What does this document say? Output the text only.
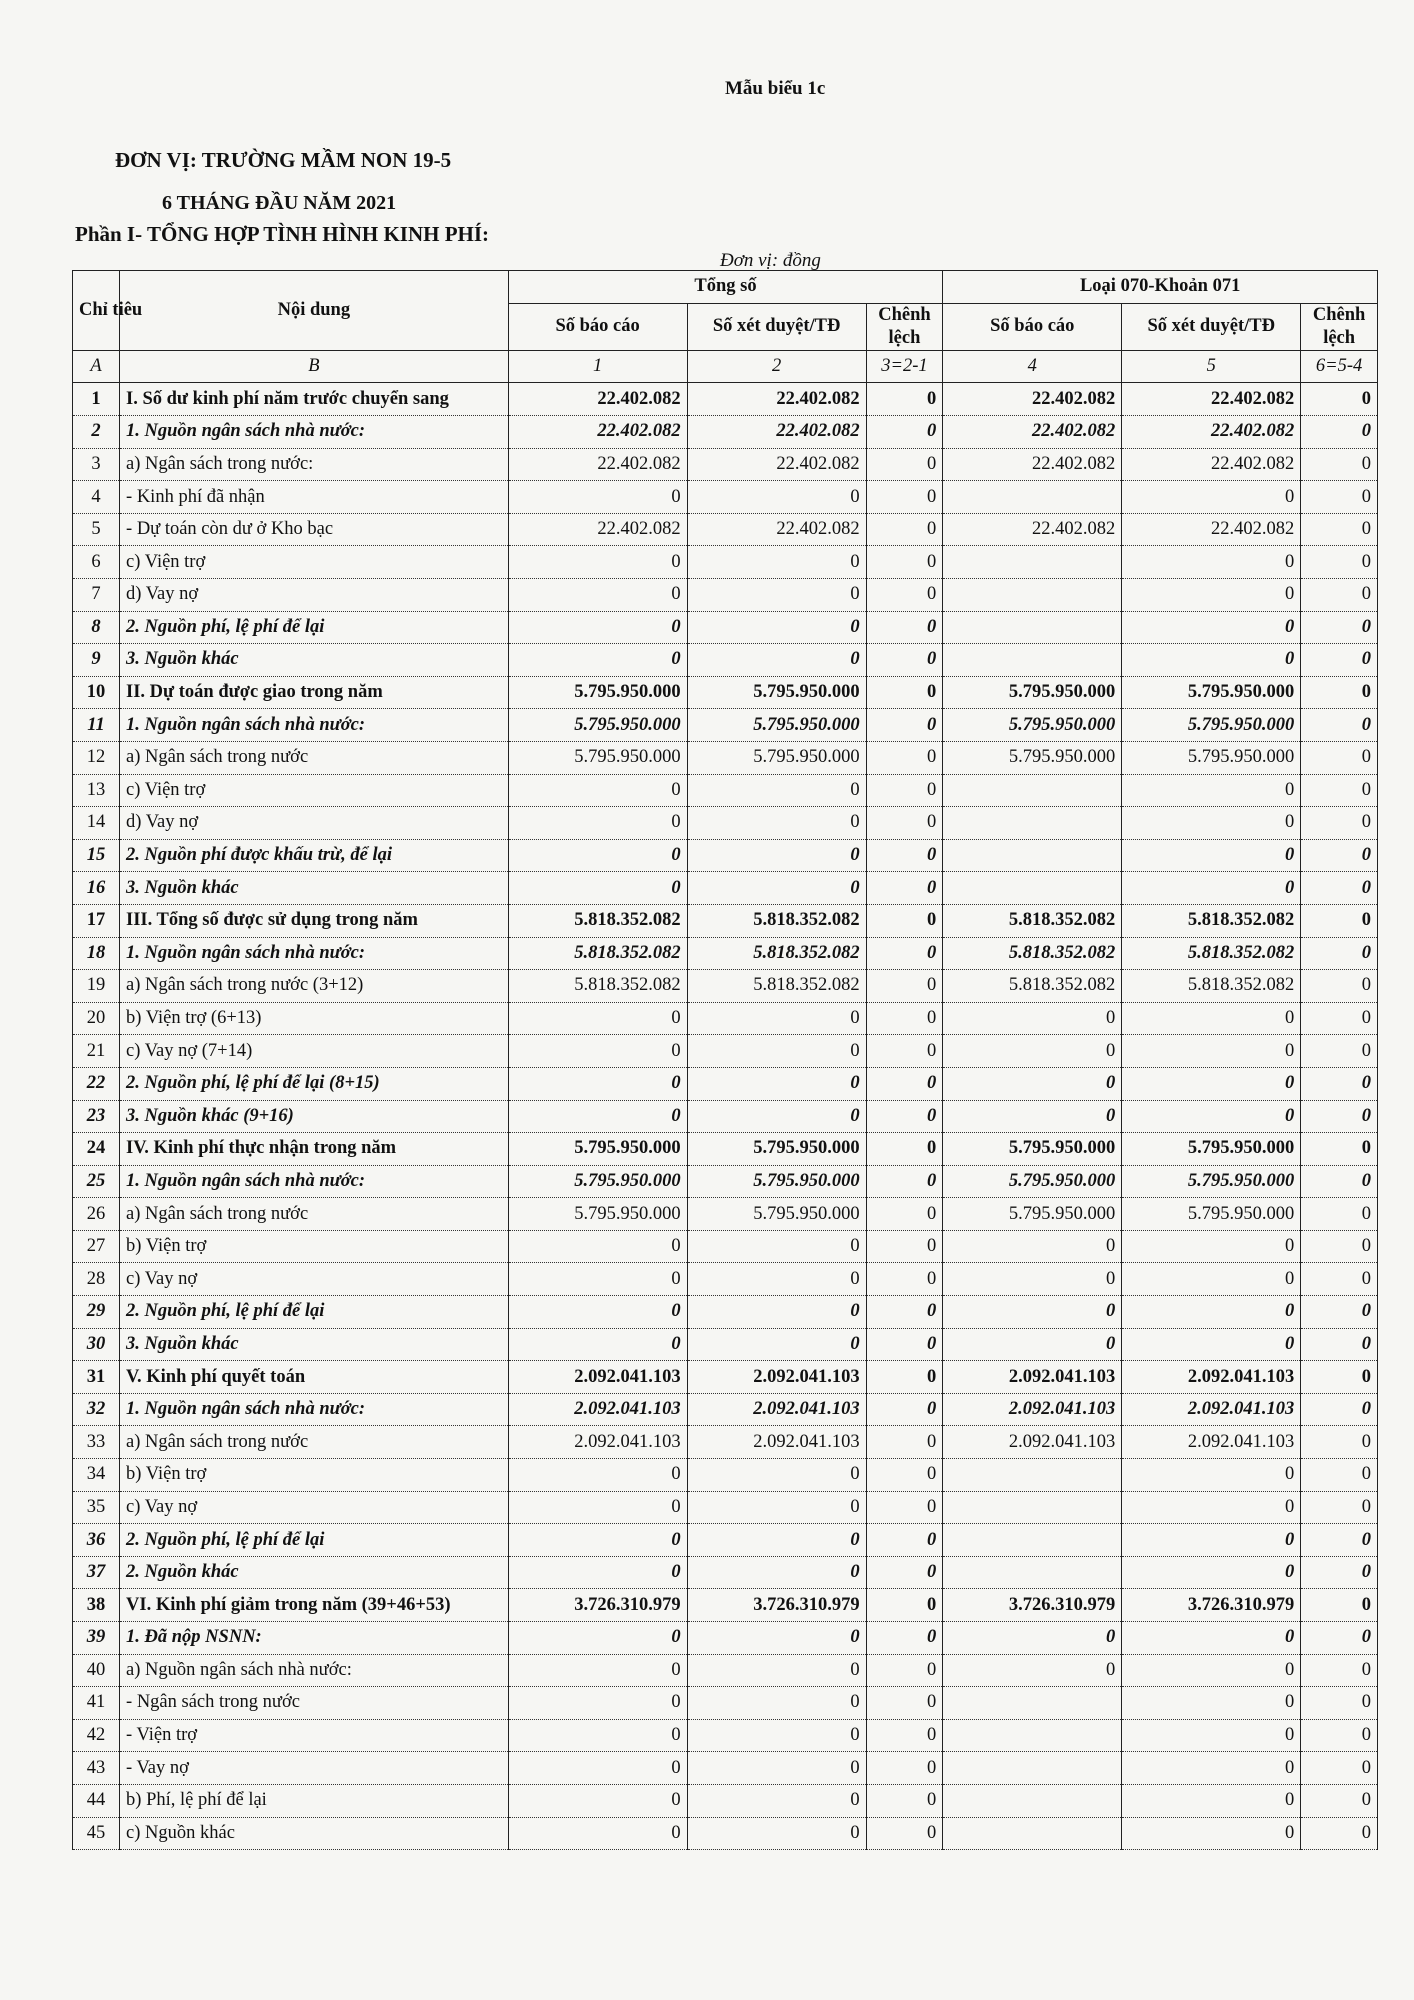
Mẫu biểu 1c
ĐƠN VỊ: TRƯỜNG MẦM NON 19-5
6 THÁNG ĐẦU NĂM 2021
Phần I- TỔNG HỢP TÌNH HÌNH KINH PHÍ:
Đơn vị: đồng
Chỉ tiêu	Nội dung	Tổng số			Loại 070-Khoản 071		
		Số báo cáo	Số xét duyệt/TĐ	Chênh lệch	Số báo cáo	Số xét duyệt/TĐ	Chênh lệch
A	B	1	2	3=2-1	4	5	6=5-4
1	I. Số dư kinh phí năm trước chuyển sang	22.402.082	22.402.082	0	22.402.082	22.402.082	0
2	1. Nguồn ngân sách nhà nước:	22.402.082	22.402.082	0	22.402.082	22.402.082	0
3	a) Ngân sách trong nước:	22.402.082	22.402.082	0	22.402.082	22.402.082	0
4	- Kinh phí đã nhận	0	0	0		0	0
5	- Dự toán còn dư ở Kho bạc	22.402.082	22.402.082	0	22.402.082	22.402.082	0
6	c) Viện trợ	0	0	0		0	0
7	d) Vay nợ	0	0	0		0	0
8	2. Nguồn phí, lệ phí để lại	0	0	0		0	0
9	3. Nguồn khác	0	0	0		0	0
10	II. Dự toán được giao trong năm	5.795.950.000	5.795.950.000	0	5.795.950.000	5.795.950.000	0
11	1. Nguồn ngân sách nhà nước:	5.795.950.000	5.795.950.000	0	5.795.950.000	5.795.950.000	0
12	a) Ngân sách trong nước	5.795.950.000	5.795.950.000	0	5.795.950.000	5.795.950.000	0
13	c) Viện trợ	0	0	0		0	0
14	d) Vay nợ	0	0	0		0	0
15	2. Nguồn phí được khấu trừ, để lại	0	0	0		0	0
16	3. Nguồn khác	0	0	0		0	0
17	III. Tổng số được sử dụng trong năm	5.818.352.082	5.818.352.082	0	5.818.352.082	5.818.352.082	0
18	1. Nguồn ngân sách nhà nước:	5.818.352.082	5.818.352.082	0	5.818.352.082	5.818.352.082	0
19	a) Ngân sách trong nước (3+12)	5.818.352.082	5.818.352.082	0	5.818.352.082	5.818.352.082	0
20	b) Viện trợ (6+13)	0	0	0	0	0	0
21	c) Vay nợ (7+14)	0	0	0	0	0	0
22	2. Nguồn phí, lệ phí để lại (8+15)	0	0	0	0	0	0
23	3. Nguồn khác (9+16)	0	0	0	0	0	0
24	IV. Kinh phí thực nhận trong năm	5.795.950.000	5.795.950.000	0	5.795.950.000	5.795.950.000	0
25	1. Nguồn ngân sách nhà nước:	5.795.950.000	5.795.950.000	0	5.795.950.000	5.795.950.000	0
26	a) Ngân sách trong nước	5.795.950.000	5.795.950.000	0	5.795.950.000	5.795.950.000	0
27	b) Viện trợ	0	0	0	0	0	0
28	c) Vay nợ	0	0	0	0	0	0
29	2. Nguồn phí, lệ phí để lại	0	0	0	0	0	0
30	3. Nguồn khác	0	0	0	0	0	0
31	V. Kinh phí quyết toán	2.092.041.103	2.092.041.103	0	2.092.041.103	2.092.041.103	0
32	1. Nguồn ngân sách nhà nước:	2.092.041.103	2.092.041.103	0	2.092.041.103	2.092.041.103	0
33	a) Ngân sách trong nước	2.092.041.103	2.092.041.103	0	2.092.041.103	2.092.041.103	0
34	b) Viện trợ	0	0	0		0	0
35	c) Vay nợ	0	0	0		0	0
36	2. Nguồn phí, lệ phí để lại	0	0	0		0	0
37	2. Nguồn khác	0	0	0		0	0
38	VI. Kinh phí giảm trong năm (39+46+53)	3.726.310.979	3.726.310.979	0	3.726.310.979	3.726.310.979	0
39	1. Đã nộp NSNN:	0	0	0	0	0	0
40	a) Nguồn ngân sách nhà nước:	0	0	0	0	0	0
41	- Ngân sách trong nước	0	0	0		0	0
42	- Viện trợ	0	0	0		0	0
43	- Vay nợ	0	0	0		0	0
44	b) Phí, lệ phí để lại	0	0	0		0	0
45	c) Nguồn khác	0	0	0		0	0
